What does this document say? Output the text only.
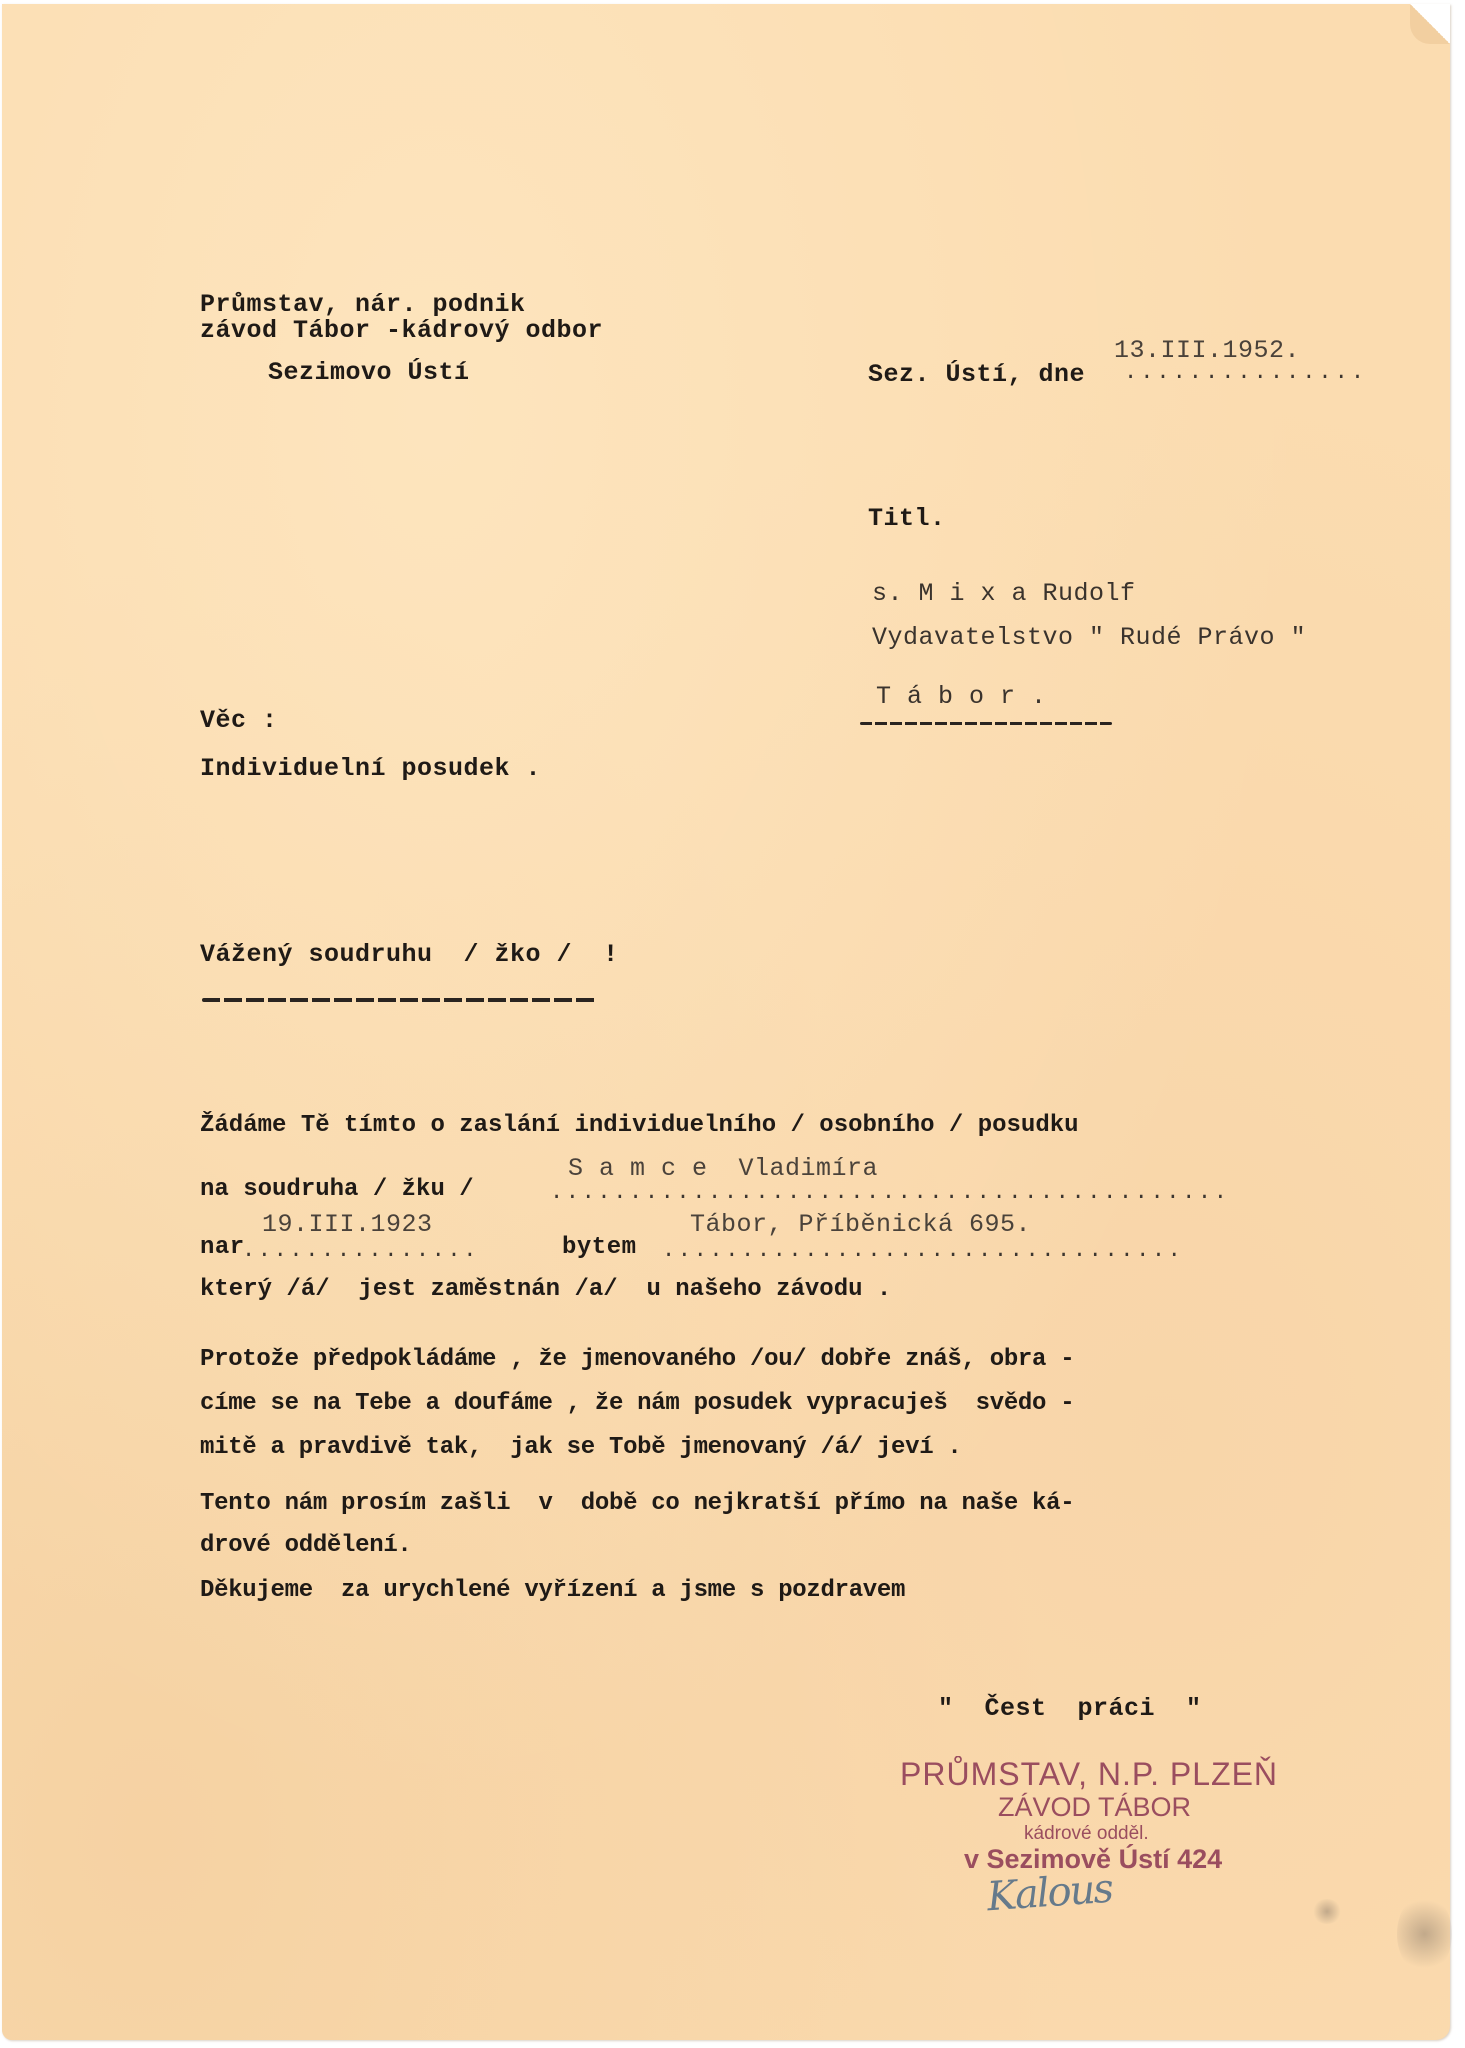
Průmstav, nár. podnik
závod Tábor -kádrový odbor
Sezimovo Ústí
13.III.1952.
Sez. Ústí, dne ...............
Titl.
s. M i x a Rudolf
Vydavatelstvo " Rudé Právo "
T á b o r .
Věc :
Individuelní posudek .
Vážený soudruhu  / žko /  !
Žádáme Tě tímto o zaslání individuelního / osobního / posudku
S a m c e  Vladimíra
na soudruha / žku /	...........................................
19.III.1923
nar
...............	bytem
Tábor, Příběnická 695.
.................................
který /á/  jest zaměstnán /a/  u našeho závodu .
Protože předpokládáme , že jmenovaného /ou/ dobře znáš, obra -
címe se na Tebe a doufáme , že nám posudek vypracuješ  svědo -
mitě a pravdivě tak,  jak se Tobě jmenovaný /á/ jeví .
Tento nám prosím zašli  v  době co nejkratší přímo na naše ká-
drové oddělení.
Děkujeme  za urychlené vyřízení a jsme s pozdravem
"  Čest  práci  "
PRŮMSTAV, N.P. PLZEŇ
ZÁVOD TÁBOR
kádrové odděl.
v Sezimově Ústí 424
Kalous
